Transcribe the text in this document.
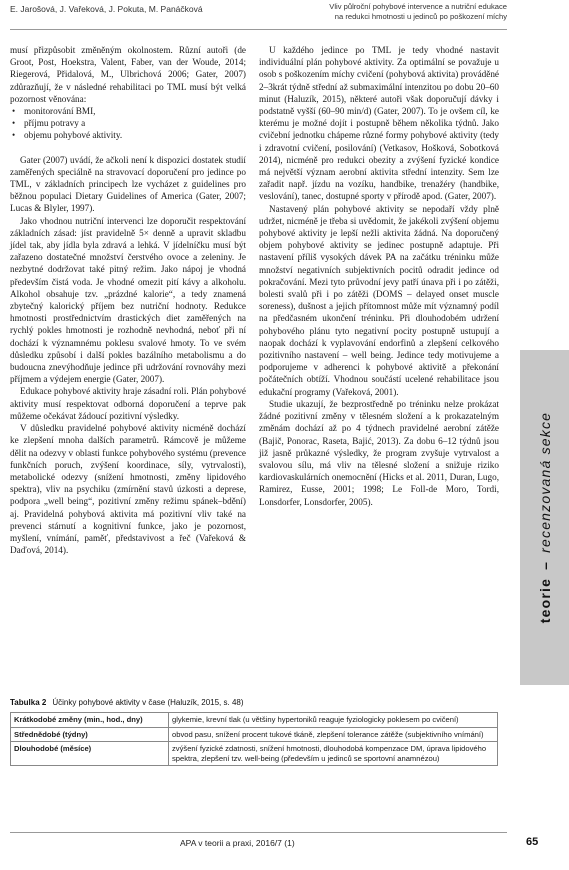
E. Jarošová, J. Vařeková, J. Pokuta, M. Panáčková	Vliv půlroční pohybové intervence a nutriční edukace
na redukci hmotnosti u jedinců po poškození míchy

musí přizpůsobit změněným okolnostem. Různí autoři (de Groot, Post, Hoekstra, Valent, Faber, van der Woude, 2014; Riegerová, Přidalová, M., Ulbrichová 2006; Gater, 2007) zdůrazňují, že v následné rehabilitaci po TML musí být velká pozornost věnována:

• monitorování BMI,
• příjmu potravy a
• objemu pohybové aktivity.

Gater (2007) uvádí, že ačkoli není k dispozici dostatek studií zaměřených speciálně na stravovací doporučení pro jedince po TML, v základních principech lze vycházet z guidelines pro běžnou populaci Dietary Guidelines of America (Gater, 2007; Lucas & Blyler, 1997).

Jako vhodnou nutriční intervenci lze doporučit respektování základních zásad: jíst pravidelně 5× denně a upravit skladbu jídel tak, aby jídla byla zdravá a lehká. V jídelníčku musí být zařazeno dostatečné množství čerstvého ovoce a zeleniny. Je nezbytné dodržovat také pitný režim. Jako nápoj je vhodná především čistá voda. Je vhodné omezit pití kávy a alkoholu. Alkohol obsahuje tzv. „prázdné kalorie“, a tedy znamená zbytečný kalorický příjem bez nutriční hodnoty. Redukce hmotnosti prostřednictvím drastických diet zaměřených na rychlý pokles hmotnosti je rozhodně nevhodná, neboť při ní dochází k významnému poklesu svalové hmoty. To ve svém důsledku způsobí i další pokles bazálního metabolismu a do budoucna znevýhodňuje jedince při udržování rovnováhy mezi příjmem a výdejem energie (Gater, 2007).

Edukace pohybové aktivity hraje zásadní roli. Plán pohybové aktivity musí respektovat odborná doporučení a teprve pak můžeme očekávat žádoucí pozitivní výsledky.

V důsledku pravidelné pohybové aktivity nicméně dochází ke zlepšení mnoha dalších parametrů. Rámcově je můžeme dělit na odezvy v oblasti funkce pohybového systému (prevence funkčních poruch, zvýšení koordinace, síly, vytrvalosti), metabolické odezvy (snížení hmotnosti, změny lipidového spektra), vliv na psychiku (zmírnění stavů úzkosti a deprese, podpora „well being“, pozitivní změny režimu spánek–bdění) aj. Pravidelná pohybová aktivita má pozitivní vliv také na prevenci stárnutí a kognitivní funkce, jako je pozornost, myšlení, vnímání, paměť, představivost a řeč (Vařeková & Daďová, 2014).

U každého jedince po TML je tedy vhodné nastavit individuální plán pohybové aktivity. Za optimální se považuje u osob s poškozením míchy cvičení (pohybová aktivita) prováděné 2–3krát týdně střední až submaximální intenzitou po dobu 20–60 minut (Haluzík, 2015), některé autoři však doporučují dávky i podstatně vyšší (60–90 min/d) (Gater, 2007). To je ovšem cíl, ke kterému je možné dojít i postupně během několika týdnů. Jako cvičební jednotku chápeme různé formy pohybové aktivity (tedy i zdravotní cvičení, posilování) (Vetkasov, Hošková, Sobotková 2014), nicméně pro redukci obezity a zvýšení fyzické kondice má největší význam aerobní aktivita střední intenzity. Sem lze zařadit např. jízdu na vozíku, handbike, trenažéry (handbike, veslování), tanec, dostupné sporty v přírodě apod. (Gater, 2007).

Nastavený plán pohybové aktivity se nepodaří vždy plně udržet, nicméně je třeba si uvědomit, že jakékoli zvýšení objemu pohybové aktivity je lepší nežli aktivita žádná. Na doporučený objem pohybové aktivity se jedinec postupně adaptuje. Při nastavení příliš vysokých dávek PA na začátku tréninku může množství negativních subjektivních pocitů odradit jedince od pokračování. Mezi tyto průvodní jevy patří únava při i po zátěži, bolesti svalů při i po zátěži (DOMS – delayed onset muscle soreness), dušnost a jejich přítomnost může mít významný podíl na předčasném ukončení tréninku. Při dlouhodobém udržení pohybového plánu tyto negativní pocity postupně ustupují a naopak dochází k vyplavování endorfinů a zlepšení celkového pozitivního nastavení – well being. Jedince tedy motivujeme a podporujeme v adherenci k pohybové aktivitě a překonání počátečních obtíží. Vhodnou součástí ucelené rehabilitace jsou edukační programy (Vařeková, 2001).

Studie ukazují, že bezprostředně po tréninku nelze prokázat žádné pozitivní změny v tělesném složení a k prokazatelným změnám dochází až po 4 týdnech pravidelné aerobní zátěže (Bajič, Ponorac, Raseta, Bajić, 2013). Za dobu 6–12 týdnů jsou již jasně průkazné výsledky, že program zvyšuje vytrvalost a svalovou sílu, má vliv na tělesné složení a snižuje riziko kardiovaskulárních onemocnění (Hicks et al. 2011, Duran, Lugo, Ramirez, Eusse, 2001; 1998; Le Foll-de Moro, Tordi, Lonsdorfer, Lonsdorfer, 2005).

teorie
–
recenzovaná sekce
Tabulka 2 Účinky pohybové aktivity v čase (Haluzík, 2015, s. 48)
Krátkodobé změny (min., hod., dny)	glykemie, krevní tlak (u většiny hypertoniků reaguje fyziologicky poklesem po cvičení)
Střednědobé (týdny)	obvod pasu, snížení procent tukové tkáně, zlepšení tolerance zátěže (subjektivního vnímání)
Dlouhodobé (měsíce)	zvýšení fyzické zdatnosti, snížení hmotnosti, dlouhodobá kompenzace DM, úprava lipidového spektra, zlepšení tzv. well-being (především u jedinců se sportovní anamnézou)
APA v teorii a praxi, 2016/7 (1)	65
